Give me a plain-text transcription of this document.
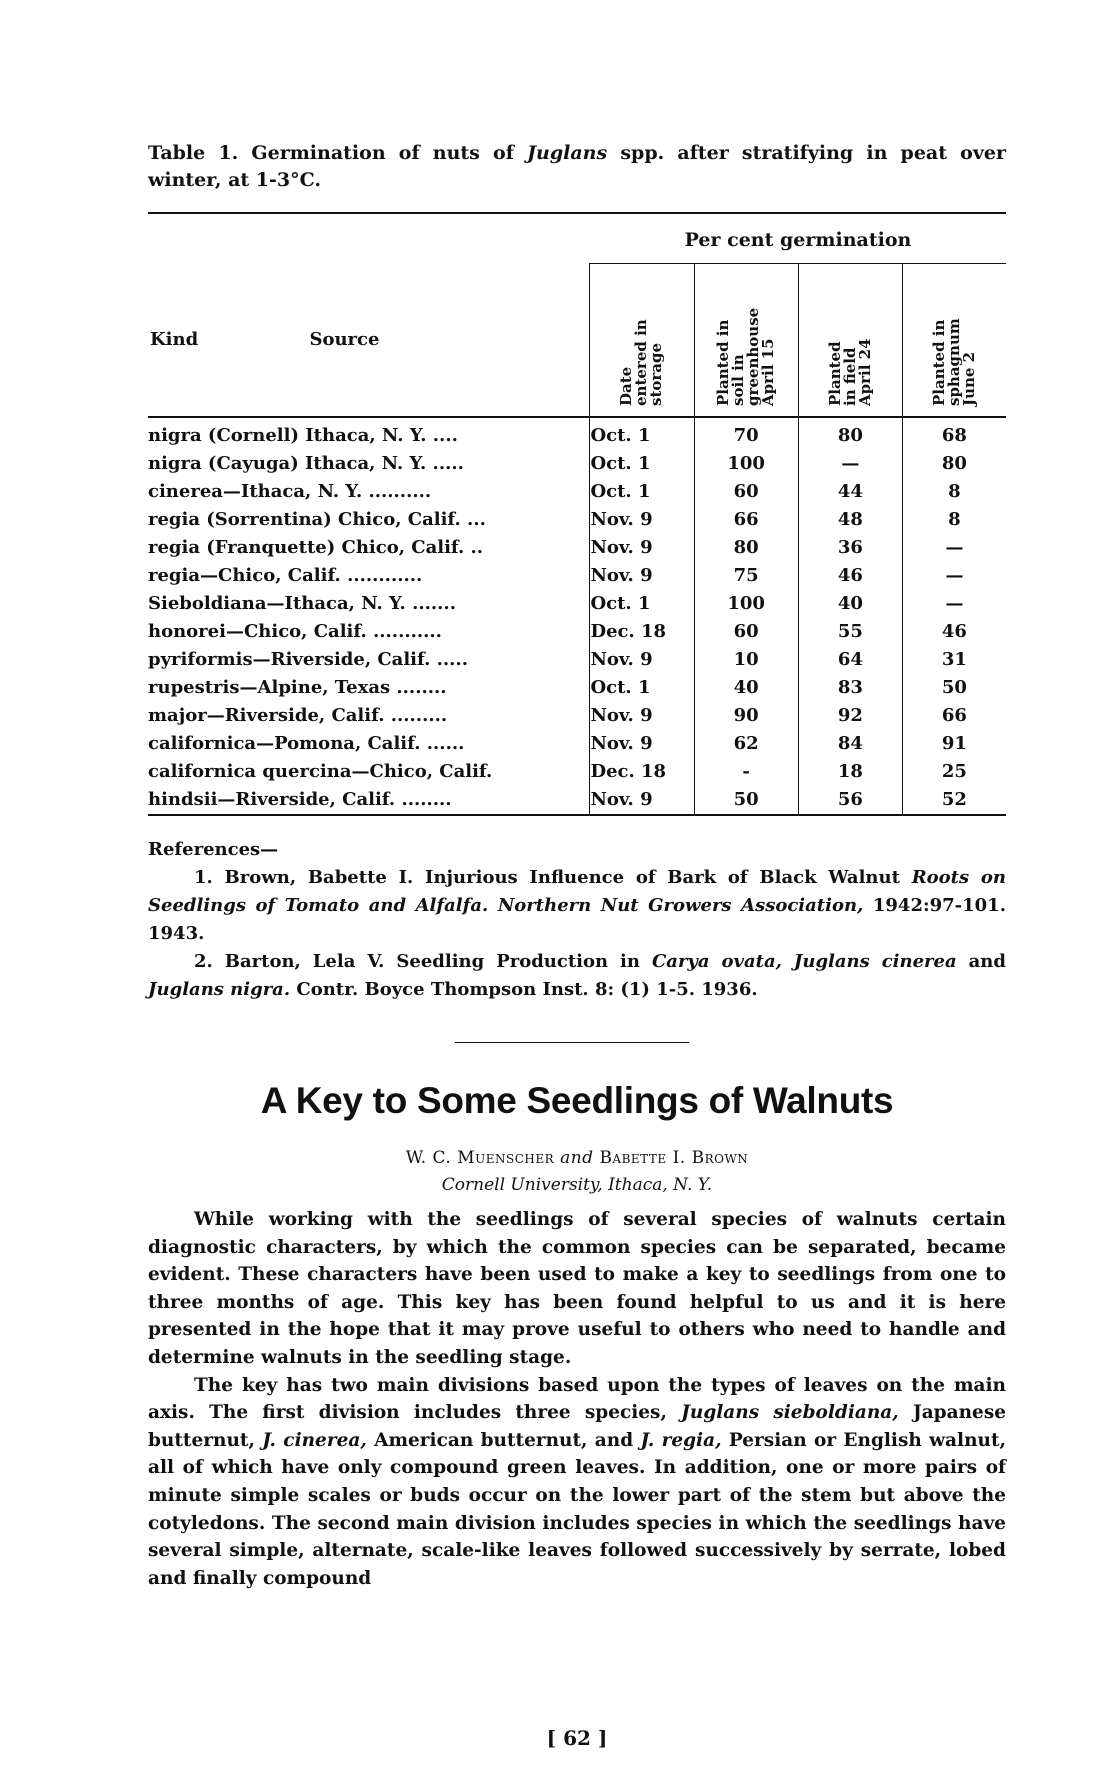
Table 1. Germination of nuts of Juglans spp. after stratifying in peat over winter, at 1-3°C.
		Per cent germination			

Kind	Source	Date
entered in
storage	Planted in
soil in
greenhouse
April 15	Planted
in field
April 24	Planted in
sphagnum
June 2
nigra (Cornell) Ithaca, N. Y. ....		Oct. 1	70	80	68
nigra (Cayuga) Ithaca, N. Y. .....		Oct. 1	100	—	80
cinerea—Ithaca, N. Y. ..........		Oct. 1	60	44	8
regia (Sorrentina) Chico, Calif. ...		Nov. 9	66	48	8
regia (Franquette) Chico, Calif. ..		Nov. 9	80	36	—
regia—Chico, Calif. ............		Nov. 9	75	46	—
Sieboldiana—Ithaca, N. Y. .......		Oct. 1	100	40	—
honorei—Chico, Calif. ...........		Dec. 18	60	55	46
pyriformis—Riverside, Calif. .....		Nov. 9	10	64	31
rupestris—Alpine, Texas ........		Oct. 1	40	83	50
major—Riverside, Calif. .........		Nov. 9	90	92	66
californica—Pomona, Calif. ......		Nov. 9	62	84	91
californica quercina—Chico, Calif.		Dec. 18	-	18	25
hindsii—Riverside, Calif. ........		Nov. 9	50	56	52
References—
1. Brown, Babette I. Injurious Influence of Bark of Black Walnut Roots on Seedlings of Tomato and Alfalfa. Northern Nut Growers Association, 1942:97-101. 1943.
2. Barton, Lela V. Seedling Production in Carya ovata, Juglans cinerea and Juglans nigra. Contr. Boyce Thompson Inst. 8: (1) 1-5. 1936.
A Key to Some Seedlings of Walnuts
W. C. Muenscher and Babette I. Brown
Cornell University, Ithaca, N. Y.

While working with the seedlings of several species of walnuts certain diagnostic characters, by which the common species can be separated, became evident. These characters have been used to make a key to seedlings from one to three months of age. This key has been found helpful to us and it is here presented in the hope that it may prove useful to others who need to handle and determine walnuts in the seedling stage.

The key has two main divisions based upon the types of leaves on the main axis. The first division includes three species, Juglans sieboldiana, Japanese butternut, J. cinerea, American butternut, and J. regia, Persian or English walnut, all of which have only compound green leaves. In addition, one or more pairs of minute simple scales or buds occur on the lower part of the stem but above the cotyledons. The second main division includes species in which the seedlings have several simple, alternate, scale-like leaves followed successively by serrate, lobed and finally compound

[ 62 ]
